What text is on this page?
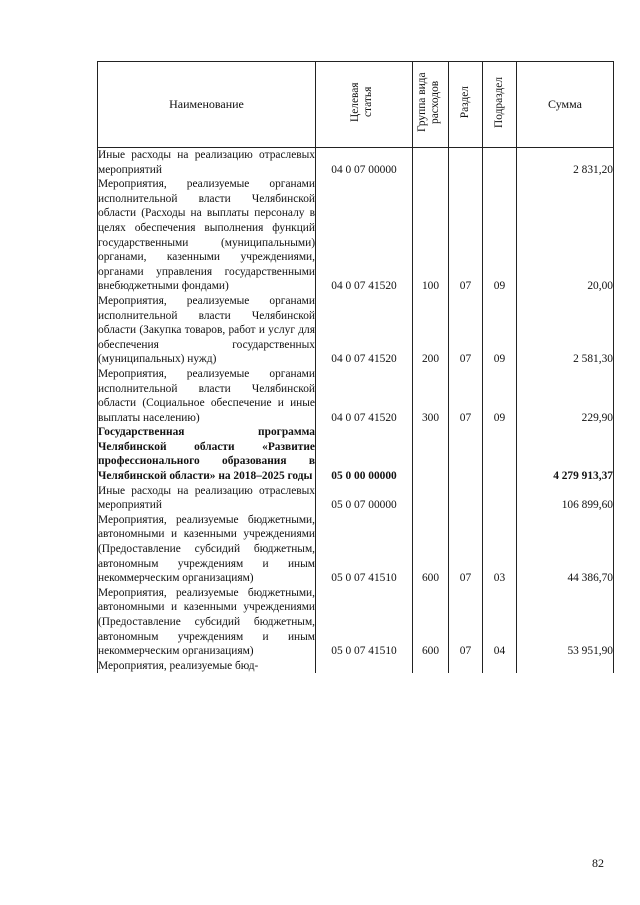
Наименование	Целевая статья	Группа вида расходов	Раздел	Подраздел	Сумма
Иные расходы на реализацию отраслевых мероприятий	04 0 07 00000				2 831,20
Мероприятия, реализуемые органами исполнительной власти Челябинской области (Расходы на выплаты персоналу в целях обеспечения выполнения функций государственными (муниципальными) органами, казенными учреждениями, органами управления государственными внебюджетными фондами)	04 0 07 41520	100	07	09	20,00
Мероприятия, реализуемые органами исполнительной власти Челябинской области (Закупка товаров, работ и услуг для обеспечения государственных (муниципальных) нужд)	04 0 07 41520	200	07	09	2 581,30
Мероприятия, реализуемые органами исполнительной власти Челябинской области (Социальное обеспечение и иные выплаты населению)	04 0 07 41520	300	07	09	229,90
Государственная программа Челябинской области «Развитие профессионального образования в Челябинской области» на 2018–2025 годы	05 0 00 00000				4 279 913,37
Иные расходы на реализацию отраслевых мероприятий	05 0 07 00000				106 899,60
Мероприятия, реализуемые бюджетными, автономными и казенными учреждениями (Предоставление субсидий бюджетным, автономным учреждениям и иным некоммерческим организациям)	05 0 07 41510	600	07	03	44 386,70
Мероприятия, реализуемые бюджетными, автономными и казенными учреждениями (Предоставление субсидий бюджетным, автономным учреждениям и иным некоммерческим организациям)	05 0 07 41510	600	07	04	53 951,90
Мероприятия, реализуемые бюд-					
82
